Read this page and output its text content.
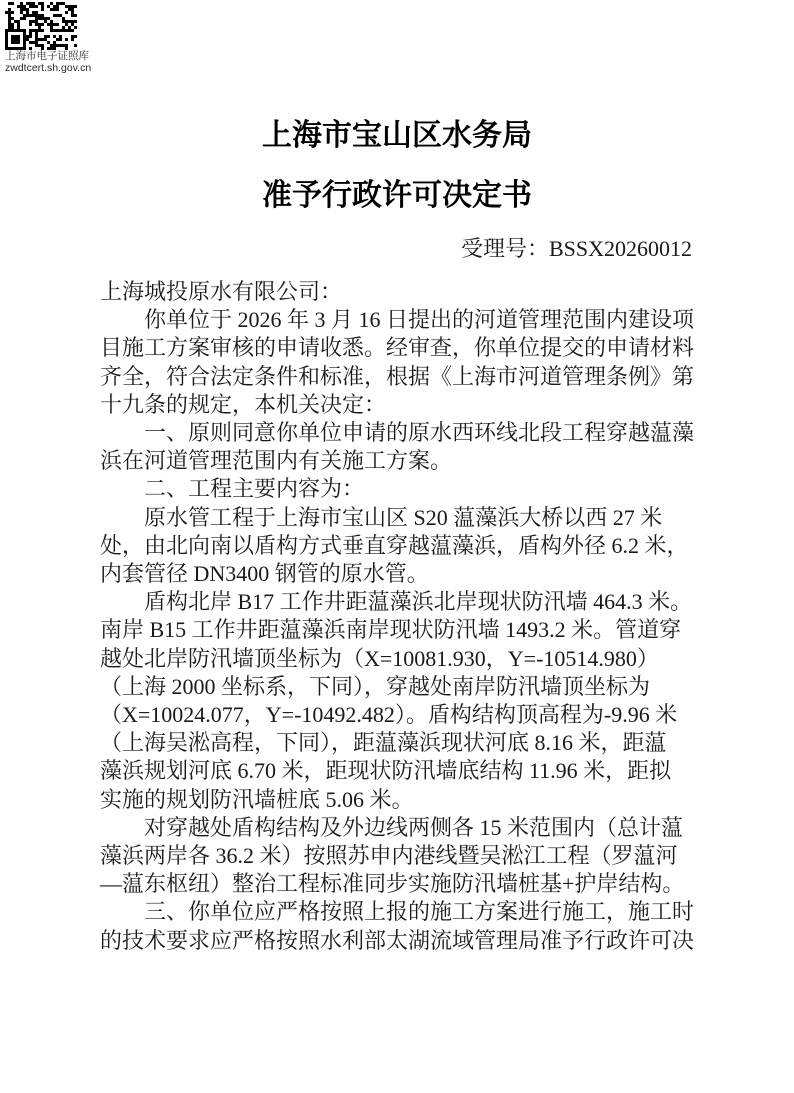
上海市电子证照库
zwdtcert.sh.gov.cn
上海市宝山区水务局
准予行政许可决定书
受理号：BSSX20260012
上海城投原水有限公司：
你单位于 2026 年 3 月 16 日提出的河道管理范围内建设项
目施工方案审核的申请收悉。经审查，你单位提交的申请材料
齐全，符合法定条件和标准，根据《上海市河道管理条例》第
十九条的规定，本机关决定：
一、原则同意你单位申请的原水西环线北段工程穿越蕰藻
浜在河道管理范围内有关施工方案。
二、工程主要内容为：
原水管工程于上海市宝山区 S20 蕰藻浜大桥以西 27 米
处，由北向南以盾构方式垂直穿越蕰藻浜，盾构外径 6.2 米，
内套管径 DN3400 钢管的原水管。
盾构北岸 B17 工作井距蕰藻浜北岸现状防汛墙 464.3 米。
南岸 B15 工作井距蕰藻浜南岸现状防汛墙 1493.2 米。管道穿
越处北岸防汛墙顶坐标为（X=10081.930，Y=-10514.980）
（上海 2000 坐标系，下同），穿越处南岸防汛墙顶坐标为
（X=10024.077，Y=-10492.482）。盾构结构顶高程为-9.96 米
（上海吴淞高程，下同），距蕰藻浜现状河底 8.16 米，距蕰
藻浜规划河底 6.70 米，距现状防汛墙底结构 11.96 米，距拟
实施的规划防汛墙桩底 5.06 米。
对穿越处盾构结构及外边线两侧各 15 米范围内（总计蕰
藻浜两岸各 36.2 米）按照苏申内港线暨吴淞江工程（罗蕰河
—蕰东枢纽）整治工程标准同步实施防汛墙桩基+护岸结构。
三、你单位应严格按照上报的施工方案进行施工，施工时
的技术要求应严格按照水利部太湖流域管理局准予行政许可决
